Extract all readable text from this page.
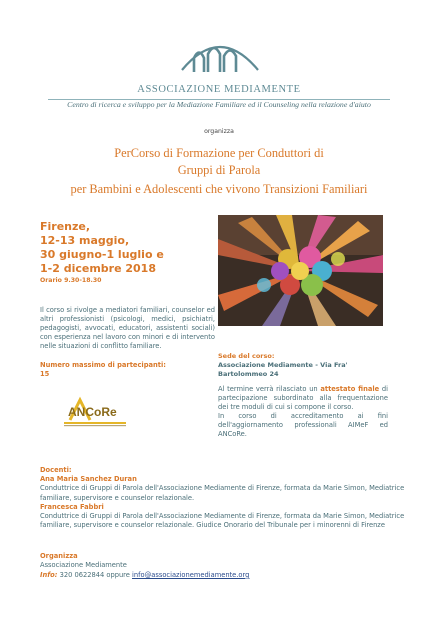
ASSOCIAZIONE MEDIAMENTE
Centro di ricerca e sviluppo per la Mediazione Familiare ed il Counseling nella relazione d'aiuto
organizza
PerCorso di Formazione per Conduttori di
Gruppi di Parola
per Bambini e Adolescenti che vivono Transizioni Familiari
Firenze,
12-13 maggio,
30 giugno-1 luglio e
1-2 dicembre 2018
Orario 9.30-18.30
Il corso si rivolge a mediatori familiari, counselor ed altri professionisti (psicologi, medici, psichiatri, pedagogisti, avvocati, educatori, assistenti sociali) con esperienza nel lavoro con minori e di intervento nelle situazioni di conflitto familiare.
Numero massimo di partecipanti:
15
ANCoRe
Sede del corso:
Associazione Mediamente - Via Fra' Bartolommeo 24
Al termine verrà rilasciato un attestato finale di partecipazione subordinato alla frequentazione dei tre moduli di cui si compone il corso.
In corso di accreditamento ai fini dell'aggiornamento professionali AIMeF ed ANCoRe.
Docenti:
Ana Maria Sanchez Duran
Conduttrice di Gruppi di Parola dell'Associazione Mediamente di Firenze, formata da Marie Simon, Mediatrice familiare, supervisore e counselor relazionale.
Francesca Fabbri
Conduttrice di Gruppi di Parola dell'Associazione Mediamente di Firenze, formata da Marie Simon, Mediatrice familiare, supervisore e counselor relazionale. Giudice Onorario del Tribunale per i minorenni di Firenze
Organizza
Associazione Mediamente
Info: 320 0622844 oppure info@associazionemediamente.org
